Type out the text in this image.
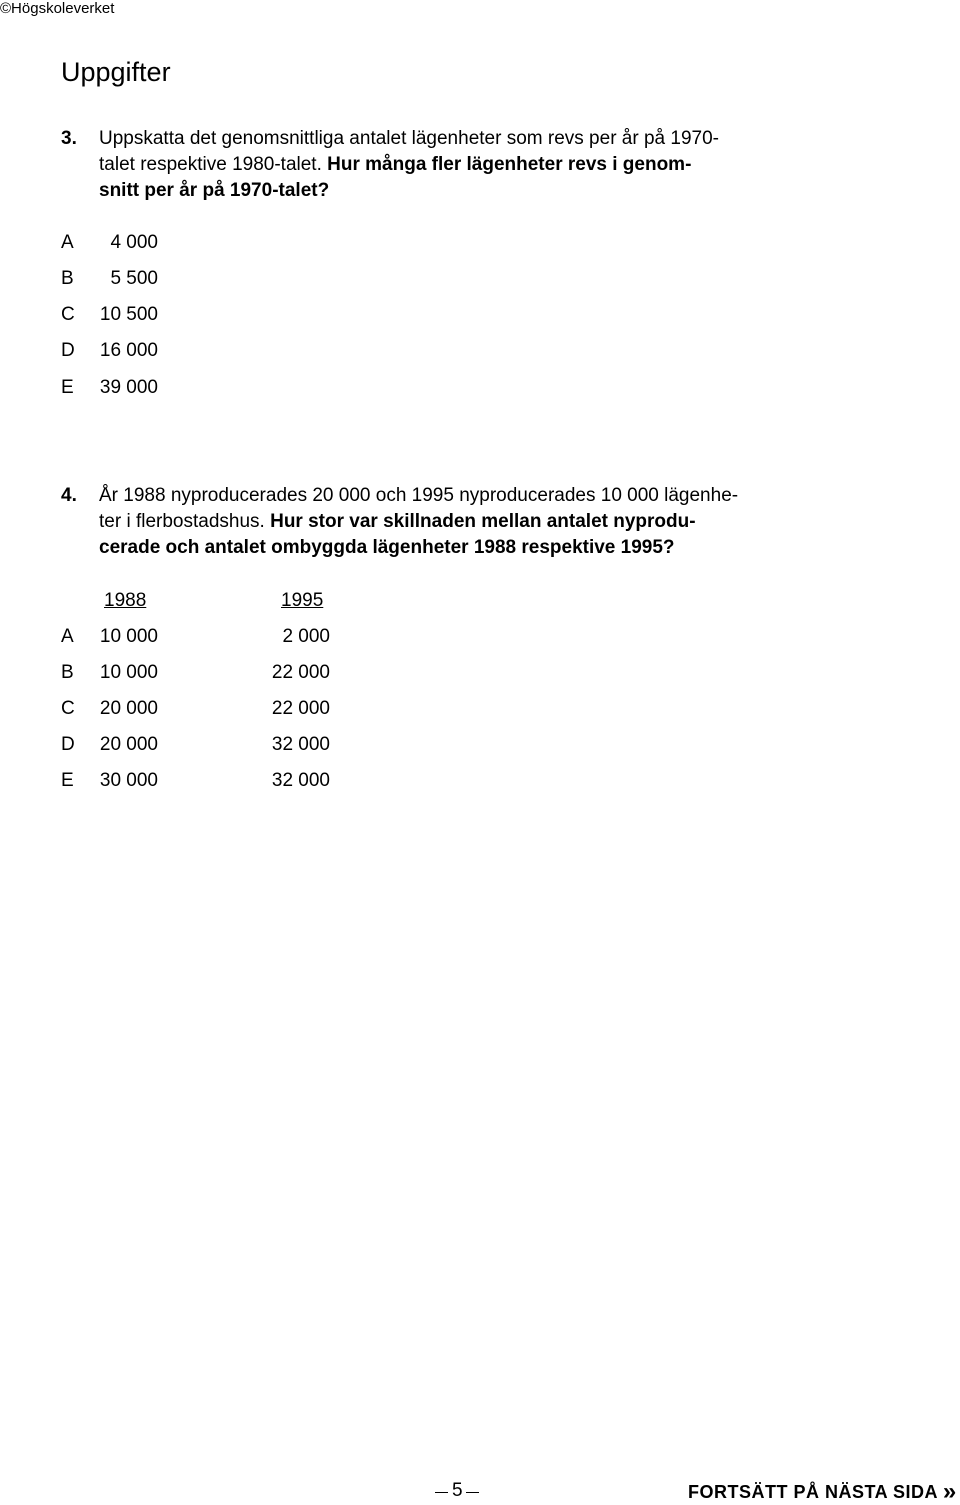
©Högskoleverket
Uppgifter
3. Uppskatta det genomsnittliga antalet lägenheter som revs per år på 1970-
talet respektive 1980-talet. Hur många fler lägenheter revs i genom-
snitt per år på 1970-talet?
A	4 000
B	5 500
C 10 500
D 16 000
E 39 000
4. År 1988 nyproducerades 20 000 och 1995 nyproducerades 10 000 lägenhe-
ter i flerbostadshus. Hur stor var skillnaden mellan antalet nyprodu-
cerade och antalet ombyggda lägenheter 1988 respektive 1995?
1988	1995
A 10 000	2 000
B 10 000	22 000
C 20 000	22 000
D 20 000	32 000
E 30 000	32 000
5	FORTSÄTT PÅ NÄSTA SIDA »
